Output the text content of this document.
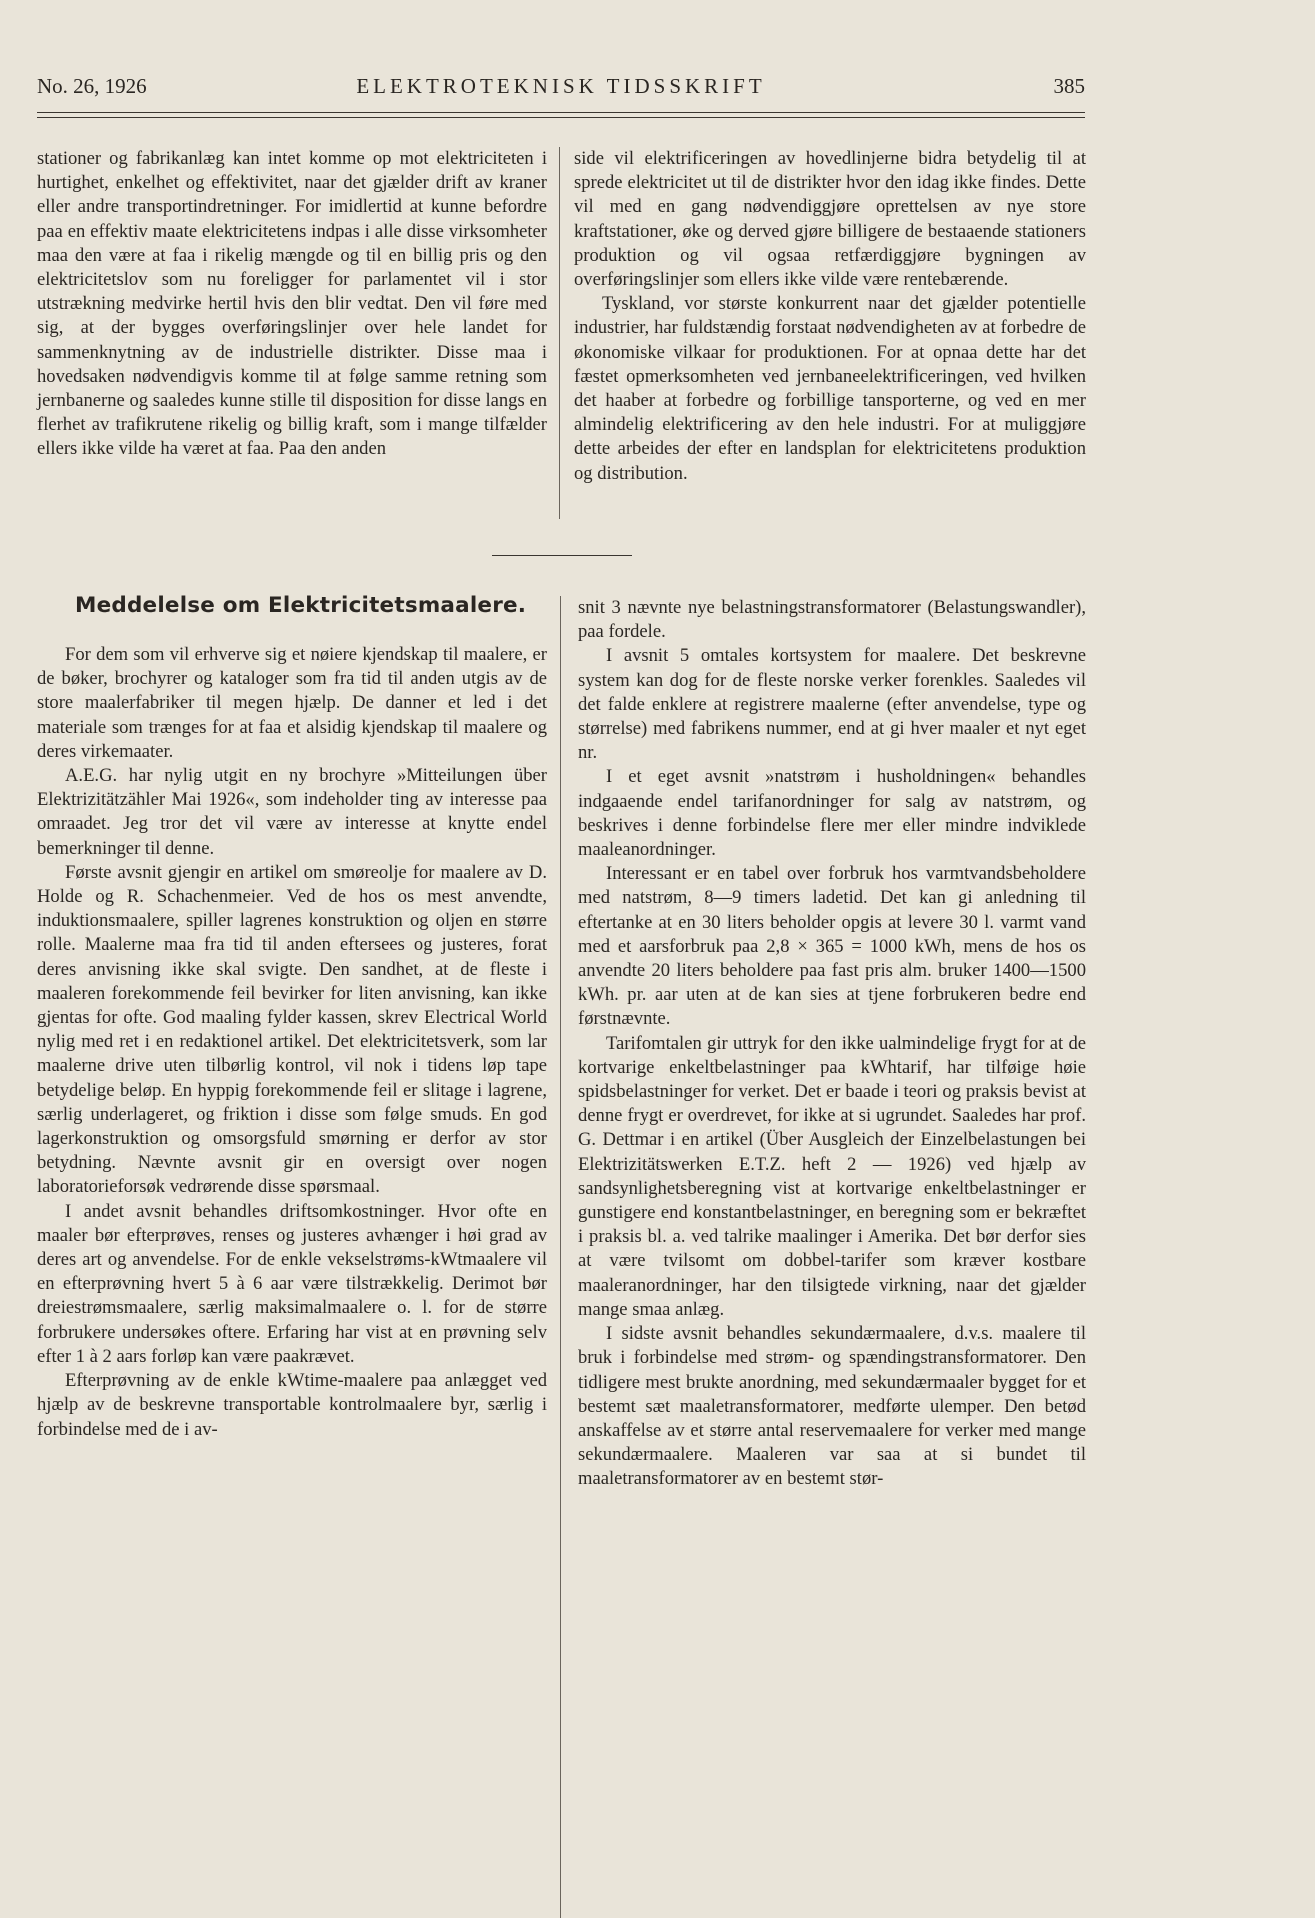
No. 26, 1926	ELEKTROTEKNISK TIDSSKRIFT	385

stationer og fabrikanlæg kan intet komme op mot elektriciteten i hurtighet, enkelhet og effektivitet, naar det gjælder drift av kraner eller andre transportindretninger. For imidlertid at kunne befordre paa en effektiv maate elektricitetens indpas i alle disse virksomheter maa den være at faa i rikelig mængde og til en billig pris og den elektricitetslov som nu foreligger for parlamentet vil i stor utstrækning medvirke hertil hvis den blir vedtat. Den vil føre med sig, at der bygges overføringslinjer over hele landet for sammenknytning av de industrielle distrikter. Disse maa i hovedsaken nødvendigvis komme til at følge samme retning som jernbanerne og saaledes kunne stille til disposition for disse langs en flerhet av trafikrutene rikelig og billig kraft, som i mange tilfælder ellers ikke vilde ha været at faa. Paa den anden

side vil elektrificeringen av hovedlinjerne bidra betydelig til at sprede elektricitet ut til de distrikter hvor den idag ikke findes. Dette vil med en gang nødvendiggjøre oprettelsen av nye store kraftstationer, øke og derved gjøre billigere de bestaaende stationers produktion og vil ogsaa retfærdiggjøre bygningen av overføringslinjer som ellers ikke vilde være rentebærende.

Tyskland, vor største konkurrent naar det gjælder potentielle industrier, har fuldstændig forstaat nødvendigheten av at forbedre de økonomiske vilkaar for produktionen. For at opnaa dette har det fæstet opmerksomheten ved jernbaneelektrificeringen, ved hvilken det haaber at forbedre og forbillige tansporterne, og ved en mer almindelig elektrificering av den hele industri. For at muliggjøre dette arbeides der efter en landsplan for elektricitetens produktion og distribution.

Meddelelse om Elektricitetsmaalere.

For dem som vil erhverve sig et nøiere kjendskap til maalere, er de bøker, brochyrer og kataloger som fra tid til anden utgis av de store maalerfabriker til megen hjælp. De danner et led i det materiale som trænges for at faa et alsidig kjendskap til maalere og deres virkemaater.

A.E.G. har nylig utgit en ny brochyre »Mitteilungen über Elektrizitätzähler Mai 1926«, som indeholder ting av interesse paa omraadet. Jeg tror det vil være av interesse at knytte endel bemerkninger til denne.

Første avsnit gjengir en artikel om smøreolje for maalere av D. Holde og R. Schachenmeier. Ved de hos os mest anvendte, induktionsmaalere, spiller lagrenes konstruktion og oljen en større rolle. Maalerne maa fra tid til anden eftersees og justeres, forat deres anvisning ikke skal svigte. Den sandhet, at de fleste i maaleren forekommende feil bevirker for liten anvisning, kan ikke gjentas for ofte. God maaling fylder kassen, skrev Electrical World nylig med ret i en redaktionel artikel. Det elektricitetsverk, som lar maalerne drive uten tilbørlig kontrol, vil nok i tidens løp tape betydelige beløp. En hyppig forekommende feil er slitage i lagrene, særlig underlageret, og friktion i disse som følge smuds. En god lagerkonstruktion og omsorgsfuld smørning er derfor av stor betydning. Nævnte avsnit gir en oversigt over nogen laboratorieforsøk vedrørende disse spørsmaal.

I andet avsnit behandles driftsomkostninger. Hvor ofte en maaler bør efterprøves, renses og justeres avhænger i høi grad av deres art og anvendelse. For de enkle vekselstrøms-kWtmaalere vil en efterprøvning hvert 5 à 6 aar være tilstrækkelig. Derimot bør dreiestrømsmaalere, særlig maksimalmaalere o. l. for de større forbrukere undersøkes oftere. Erfaring har vist at en prøvning selv efter 1 à 2 aars forløp kan være paakrævet.

Efterprøvning av de enkle kWtime-maalere paa anlægget ved hjælp av de beskrevne transportable kontrolmaalere byr, særlig i forbindelse med de i av-

snit 3 nævnte nye belastningstransformatorer (Belastungswandler), paa fordele.

I avsnit 5 omtales kortsystem for maalere. Det beskrevne system kan dog for de fleste norske verker forenkles. Saaledes vil det falde enklere at registrere maalerne (efter anvendelse, type og størrelse) med fabrikens nummer, end at gi hver maaler et nyt eget nr.

I et eget avsnit »natstrøm i husholdningen« behandles indgaaende endel tarifanordninger for salg av natstrøm, og beskrives i denne forbindelse flere mer eller mindre indviklede maaleanordninger.

Interessant er en tabel over forbruk hos varmtvandsbeholdere med natstrøm, 8—9 timers ladetid. Det kan gi anledning til eftertanke at en 30 liters beholder opgis at levere 30 l. varmt vand med et aarsforbruk paa 2,8 × 365 = 1000 kWh, mens de hos os anvendte 20 liters beholdere paa fast pris alm. bruker 1400—1500 kWh. pr. aar uten at de kan sies at tjene forbrukeren bedre end førstnævnte.

Tarifomtalen gir uttryk for den ikke ualmindelige frygt for at de kortvarige enkeltbelastninger paa kWhtarif, har tilføige høie spidsbelastninger for verket. Det er baade i teori og praksis bevist at denne frygt er overdrevet, for ikke at si ugrundet. Saaledes har prof. G. Dettmar i en artikel (Über Ausgleich der Einzelbelastungen bei Elektrizitätswerken E.T.Z. heft 2 — 1926) ved hjælp av sandsynlighetsberegning vist at kortvarige enkeltbelastninger er gunstigere end konstantbelastninger, en beregning som er bekræftet i praksis bl. a. ved talrike maalinger i Amerika. Det bør derfor sies at være tvilsomt om dobbel-tarifer som kræver kostbare maaleranordninger, har den tilsigtede virkning, naar det gjælder mange smaa anlæg.

I sidste avsnit behandles sekundærmaalere, d.v.s. maalere til bruk i forbindelse med strøm- og spændingstransformatorer. Den tidligere mest brukte anordning, med sekundærmaaler bygget for et bestemt sæt maaletransformatorer, medførte ulemper. Den betød anskaffelse av et større antal reservemaalere for verker med mange sekundærmaalere. Maaleren var saa at si bundet til maaletransformatorer av en bestemt stør-
